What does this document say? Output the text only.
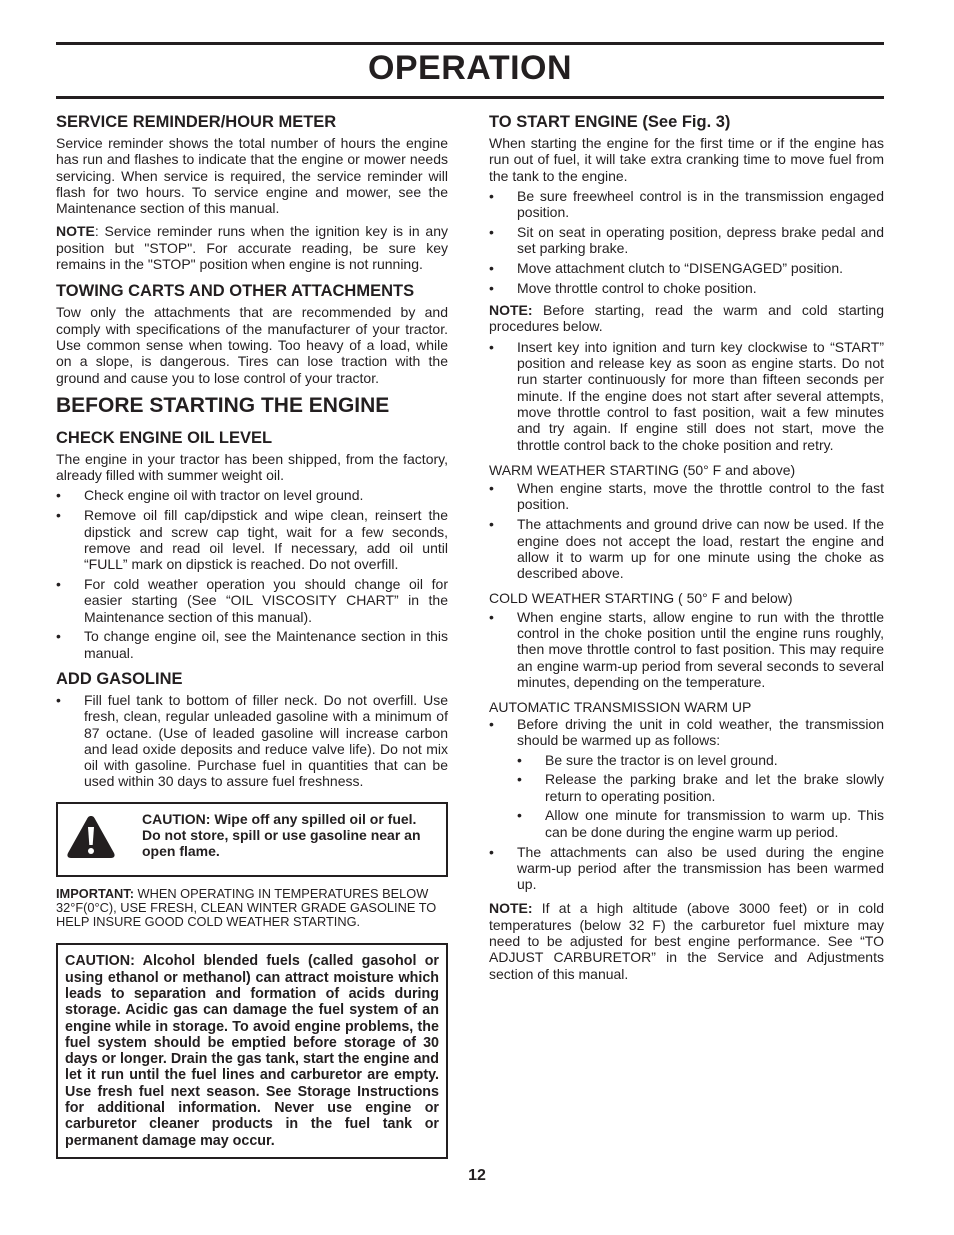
OPERATION
SERVICE REMINDER/HOUR METER

Service reminder shows the total number of hours the engine has run and flashes to indicate that the engine or mower needs servicing. When service is required, the service reminder will flash for two hours. To service engine and mower, see the Maintenance section of this manual.

NOTE: Service reminder runs when the ignition key is in any position but "STOP". For accurate reading, be sure key remains in the "STOP" position when engine is not running.

TOWING CARTS AND OTHER ATTACHMENTS

Tow only the attachments that are recommended by and comply with specifications of the manufacturer of your tractor. Use common sense when towing. Too heavy of a load, while on a slope, is dangerous. Tires can lose traction with the ground and cause you to lose control of your tractor.

BEFORE STARTING THE ENGINE
CHECK ENGINE OIL LEVEL

The engine in your tractor has been shipped, from the factory, already filled with summer weight oil.

• Check engine oil with tractor on level ground.
• Remove oil fill cap/dipstick and wipe clean, reinsert the dipstick and screw cap tight, wait for a few seconds, remove and read oil level. If necessary, add oil until “FULL” mark on dipstick is reached. Do not overfill.
• For cold weather operation you should change oil for easier starting (See “OIL VISCOSITY CHART” in the Maintenance section of this manual).
• To change engine oil, see the Maintenance section in this manual.
ADD GASOLINE
• Fill fuel tank to bottom of filler neck. Do not overfill. Use fresh, clean, regular unleaded gasoline with a minimum of 87 octane. (Use of leaded gasoline will increase carbon and lead oxide deposits and reduce valve life). Do not mix oil with gasoline. Purchase fuel in quantities that can be used within 30 days to assure fuel freshness.
CAUTION: Wipe off any spilled oil or fuel. Do not store, spill or use gasoline near an open flame.

IMPORTANT: WHEN OPERATING IN TEMPERATURES BELOW 32°F(0°C), USE FRESH, CLEAN WINTER GRADE GASOLINE TO HELP INSURE GOOD COLD WEATHER STARTING.

CAUTION: Alcohol blended fuels (called gasohol or using ethanol or methanol) can attract moisture which leads to separation and formation of acids during storage. Acidic gas can damage the fuel system of an engine while in storage. To avoid engine problems, the fuel system should be emptied before storage of 30 days or longer. Drain the gas tank, start the engine and let it run until the fuel lines and carburetor are empty. Use fresh fuel next season. See Storage Instructions for additional information. Never use engine or carburetor cleaner products in the fuel tank or permanent damage may occur.
TO START ENGINE (See Fig. 3)

When starting the engine for the first time or if the engine has run out of fuel, it will take extra cranking time to move fuel from the tank to the engine.

• Be sure freewheel control is in the transmission engaged position.
• Sit on seat in operating position, depress brake pedal and set parking brake.
• Move attachment clutch to “DISENGAGED” position.
• Move throttle control to choke position.

NOTE: Before starting, read the warm and cold starting procedures below.

• Insert key into ignition and turn key clockwise to “START” position and release key as soon as engine starts. Do not run starter continuously for more than fifteen seconds per minute. If the engine does not start after several attempts, move throttle control to fast position, wait a few minutes and try again. If engine still does not start, move the throttle control back to the choke position and retry.
WARM WEATHER STARTING (50° F and above)
• When engine starts, move the throttle control to the fast position.
• The attachments and ground drive can now be used. If the engine does not accept the load, restart the engine and allow it to warm up for one minute using the choke as described above.
COLD WEATHER STARTING ( 50° F and below)
• When engine starts, allow engine to run with the throttle control in the choke position until the engine runs roughly, then move throttle control to fast position. This may require an engine warm-up period from several seconds to several minutes, depending on the temperature.
AUTOMATIC TRANSMISSION WARM UP
• Before driving the unit in cold weather, the transmission should be warmed up as follows:
• Be sure the tractor is on level ground.
• Release the parking brake and let the brake slowly return to operating position.
• Allow one minute for transmission to warm up. This can be done during the engine warm up period.
• The attachments can also be used during the engine warm-up period after the transmission has been warmed up.

NOTE: If at a high altitude (above 3000 feet) or in cold temperatures (below 32 F) the carburetor fuel mixture may need to be adjusted for best engine performance. See “TO ADJUST CARBURETOR” in the Service and Adjustments section of this manual.

12
